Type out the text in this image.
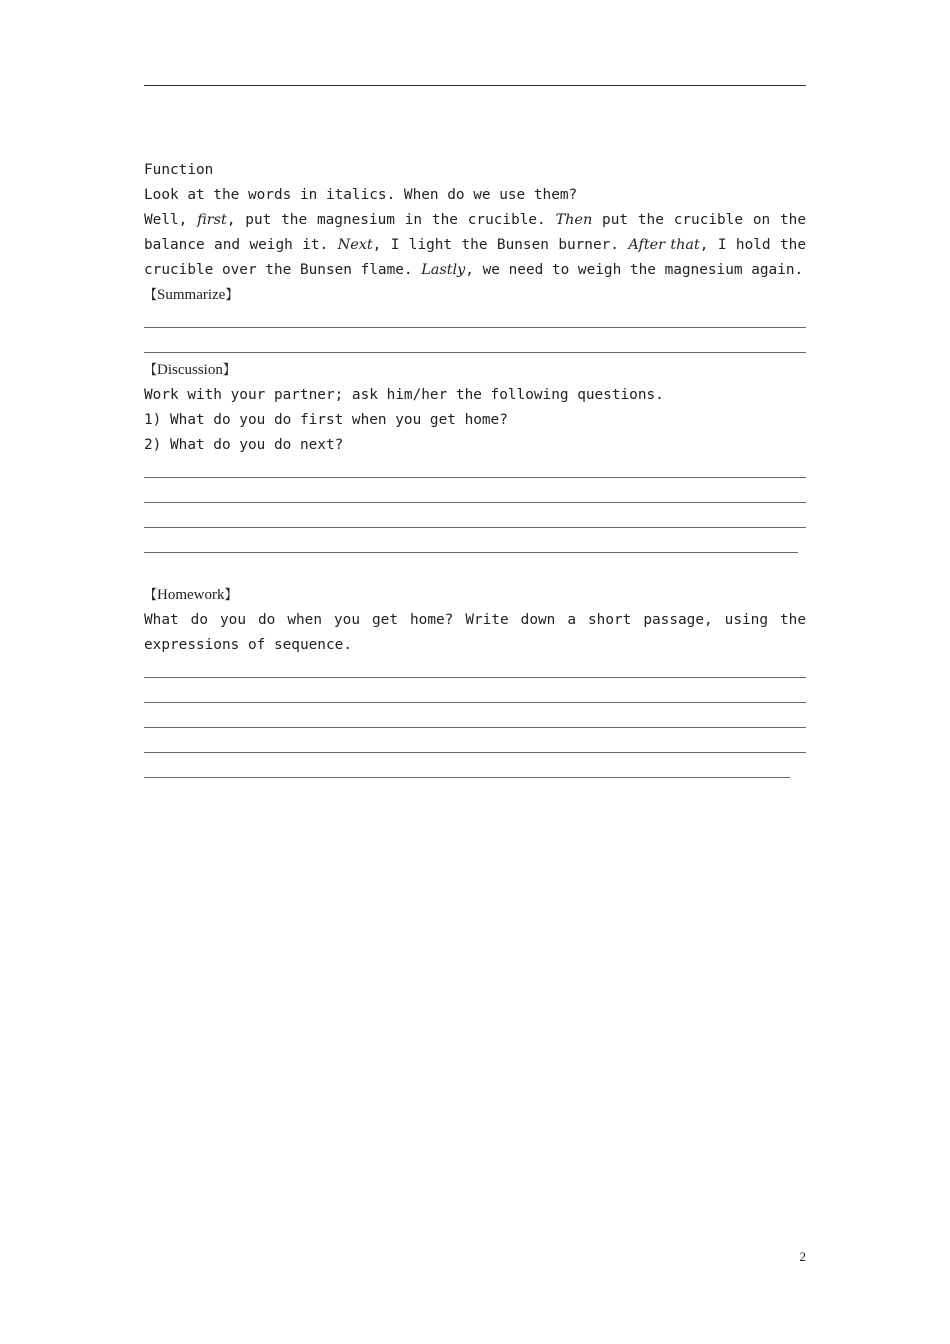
Function
Look at the words in italics. When do we use them?
Well, first, put the magnesium in the crucible. Then put the crucible on the
balance and weigh it. Next, I light the Bunsen burner. After that, I hold the
crucible over the Bunsen flame. Lastly, we need to weigh the magnesium again.
【Summarize】
【Discussion】
Work with your partner; ask him/her the following questions.
1) What do you do first when you get home?
2) What do you do next?
【Homework】
What do you do when you get home? Write down a short passage, using the
expressions of sequence.
2
